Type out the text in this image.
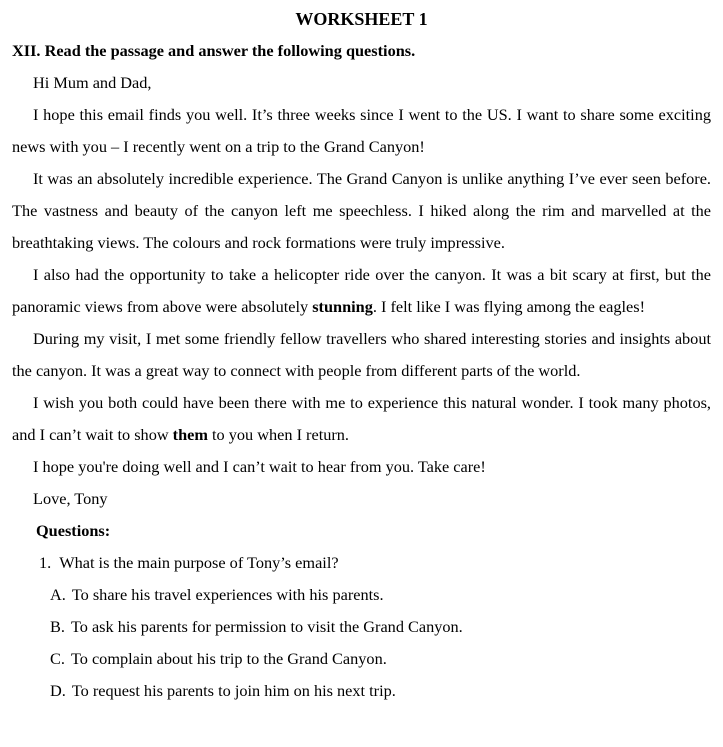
WORKSHEET 1

XII. Read the passage and answer the following questions.

Hi Mum and Dad,

I hope this email finds you well. It’s three weeks since I went to the US. I want to share some exciting news with you – I recently went on a trip to the Grand Canyon!

It was an absolutely incredible experience. The Grand Canyon is unlike anything I’ve ever seen before. The vastness and beauty of the canyon left me speechless. I hiked along the rim and marvelled at the breathtaking views. The colours and rock formations were truly impressive.

I also had the opportunity to take a helicopter ride over the canyon. It was a bit scary at first, but the panoramic views from above were absolutely stunning. I felt like I was flying among the eagles!

During my visit, I met some friendly fellow travellers who shared interesting stories and insights about the canyon. It was a great way to connect with people from different parts of the world.

I wish you both could have been there with me to experience this natural wonder. I took many photos, and I can’t wait to show them to you when I return.

I hope you're doing well and I can’t wait to hear from you. Take care!

Love, Tony

Questions:

1. What is the main purpose of Tony’s email?

A. To share his travel experiences with his parents.

B. To ask his parents for permission to visit the Grand Canyon.

C. To complain about his trip to the Grand Canyon.

D. To request his parents to join him on his next trip.
